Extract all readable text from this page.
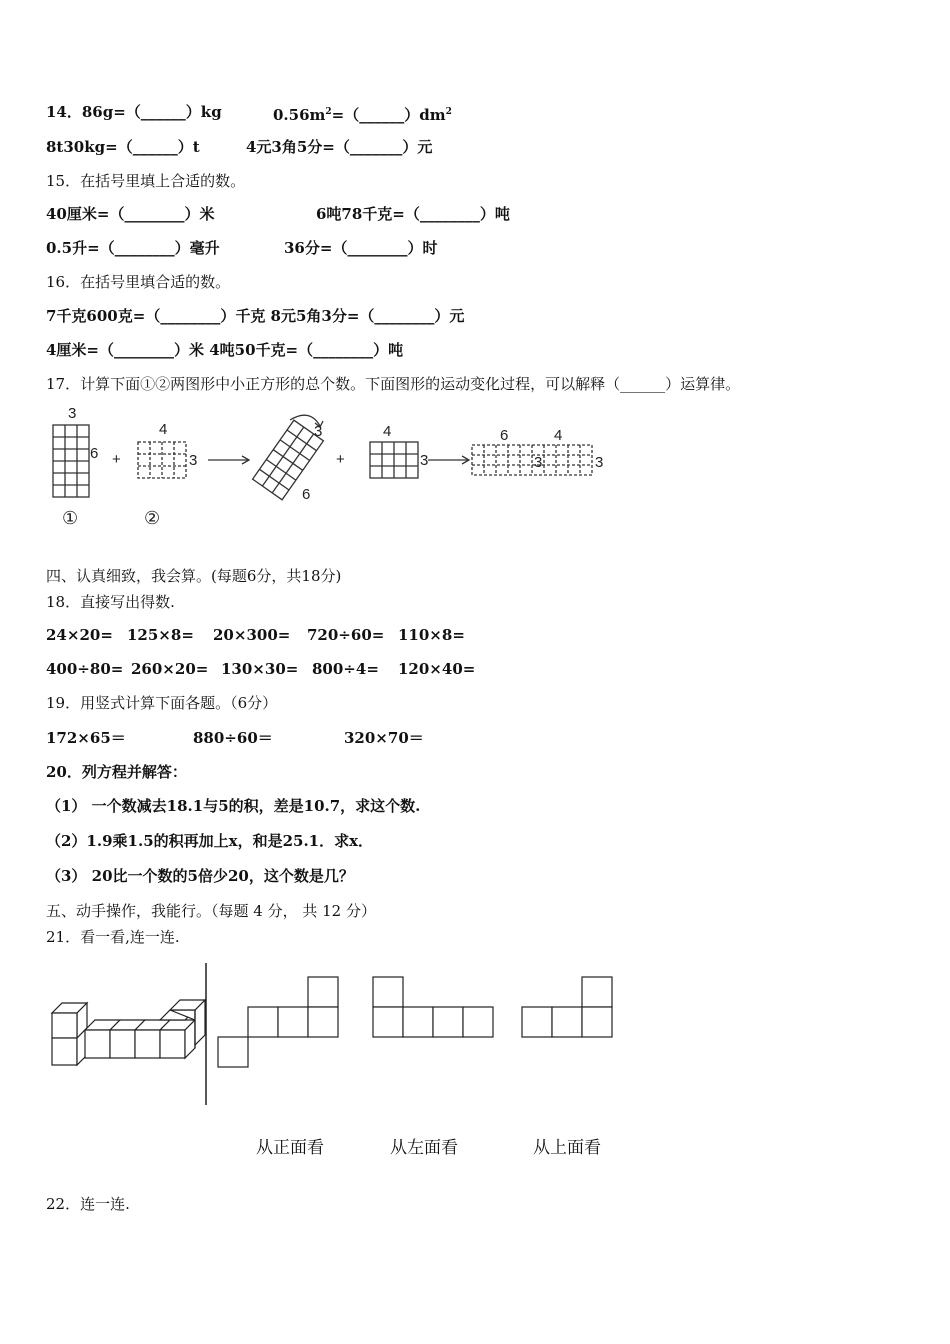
14．86g=（______）kg	$0.56m^2=(\_\_\_\_\_\_)dm^2$
8t30kg=（______）t	4元3角5分=（_______）元
15．在括号里填上合适的数。
40厘米=（________）米	6吨78千克=（________）吨
0.5升=（________）毫升	36分=（________）时
16．在括号里填合适的数。
7千克600克=（________）千克 8元5角3分=（________）元
4厘米=（________）米 4吨50千克=（________）吨
17．计算下面①②两图形中小正方形的总个数。下面图形的运动变化过程，可以解释（______）运算律。
3
6 +
4
3
3
6
+
4
3
6	4
3	3
①	②
四、认真细致，我会算。(每题6分，共18分)
18．直接写出得数.
24×20= 125×8= 20×300= 720÷60= 110×8=
400÷80= 260×20= 130×30= 800÷4= 120×40=
19．用竖式计算下面各题。（6分）
172×65＝	880÷60＝	320×70＝
20．列方程并解答：
（1） 一个数减去18.1与5的积，差是10.7，求这个数.
（2）1.9乘1.5的积再加上x，和是25.1．求x．
（3） 20比一个数的5倍少20，这个数是几？
五、动手操作，我能行。（每题 4 分， 共 12 分）
21．看一看,连一连.
从正面看	从左面看	从上面看
22．连一连.
